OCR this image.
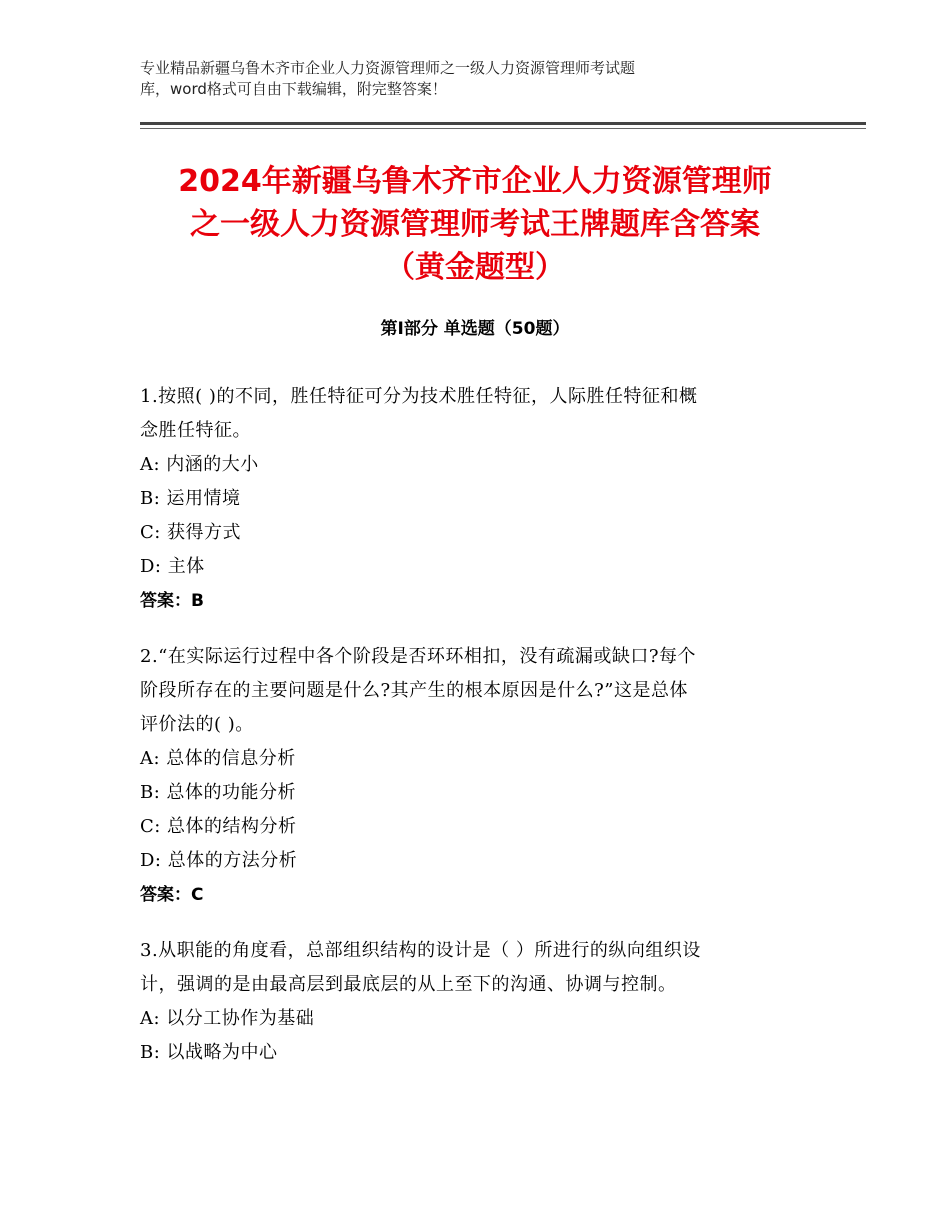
专业精品新疆乌鲁木齐市企业人力资源管理师之一级人力资源管理师考试题
库，word格式可自由下载编辑，附完整答案！
2024年新疆乌鲁木齐市企业人力资源管理师
之一级人力资源管理师考试王牌题库含答案
（黄金题型）
第Ⅰ部分 单选题（50题）
1.按照( )的不同，胜任特征可分为技术胜任特征，人际胜任特征和概
念胜任特征。
A: 内涵的大小
B: 运用情境
C: 获得方式
D: 主体
答案：B
2.“在实际运行过程中各个阶段是否环环相扣，没有疏漏或缺口?每个
阶段所存在的主要问题是什么?其产生的根本原因是什么?”这是总体
评价法的( )。
A: 总体的信息分析
B: 总体的功能分析
C: 总体的结构分析
D: 总体的方法分析
答案：C
3.从职能的角度看，总部组织结构的设计是（ ）所进行的纵向组织设
计，强调的是由最高层到最底层的从上至下的沟通、协调与控制。
A: 以分工协作为基础
B: 以战略为中心
